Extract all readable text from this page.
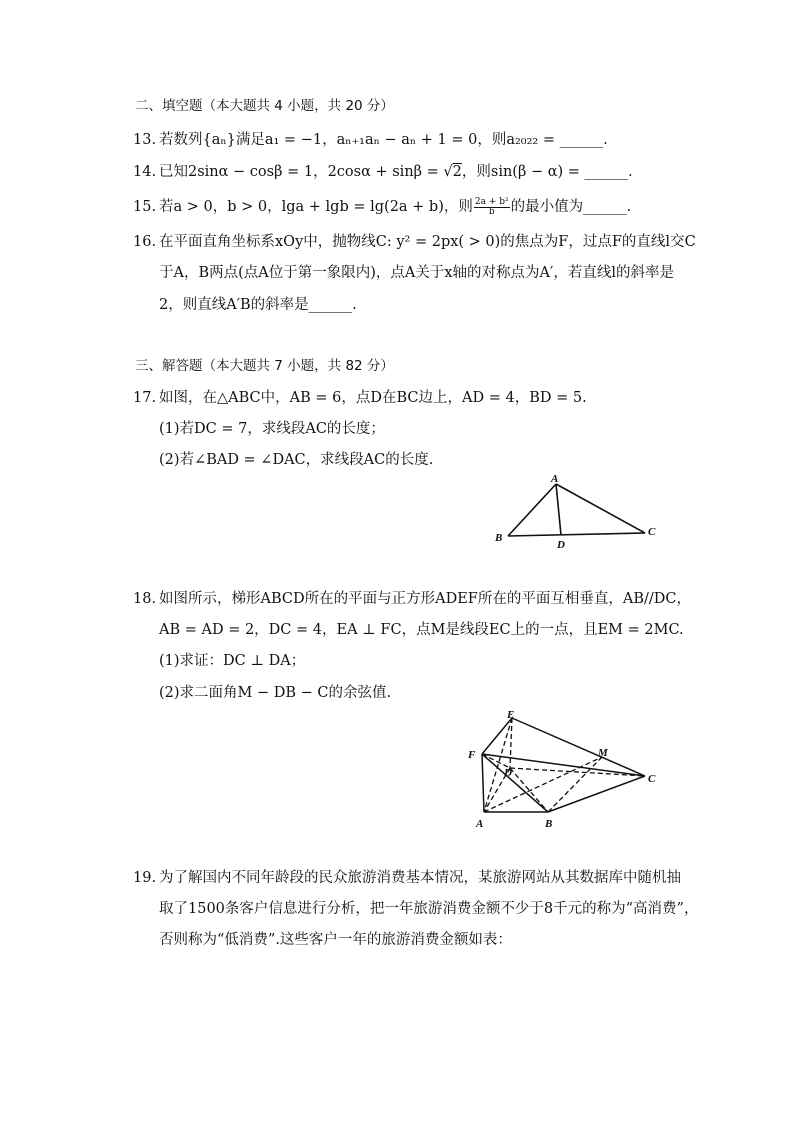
二、填空题（本大题共 4 小题，共 20 分）
13. 若数列{aₙ}满足a₁ = −1，aₙ₊₁aₙ − aₙ + 1 = 0，则a₂₀₂₂ = ______.
14. 已知2sinα − cosβ = 1，2cosα + sinβ = √2，则sin(β − α) = ______.
15. 若a > 0，b > 0，lga + lgb = lg(2a + b)，则 $\frac{\text{2a + b²}}{b}$ 的最小值为______.
16. 在平面直角坐标系xOy中，抛物线C: y² = 2px( > 0)的焦点为F，过点F的直线l交C
于A，B两点(点A位于第一象限内)，点A关于x轴的对称点为A′，若直线l的斜率是
2，则直线A′B的斜率是______.
三、解答题（本大题共 7 小题，共 82 分）
17. 如图，在△ABC中，AB = 6，点D在BC边上，AD = 4，BD = 5.
(1)若DC = 7，求线段AC的长度；
(2)若∠BAD = ∠DAC，求线段AC的长度.
A
B	C
D
18. 如图所示，梯形ABCD所在的平面与正方形ADEF所在的平面互相垂直，AB//DC，
AB = AD = 2，DC = 4，EA ⊥ FC，点M是线段EC上的一点，且EM = 2MC.
(1)求证：DC ⊥ DA；
(2)求二面角M − DB − C的余弦值.
E
F
D
M
C
A	B
19. 为了解国内不同年龄段的民众旅游消费基本情况，某旅游网站从其数据库中随机抽
取了1500条客户信息进行分析，把一年旅游消费金额不少于8千元的称为“高消费”，
否则称为“低消费”.这些客户一年的旅游消费金额如表：
